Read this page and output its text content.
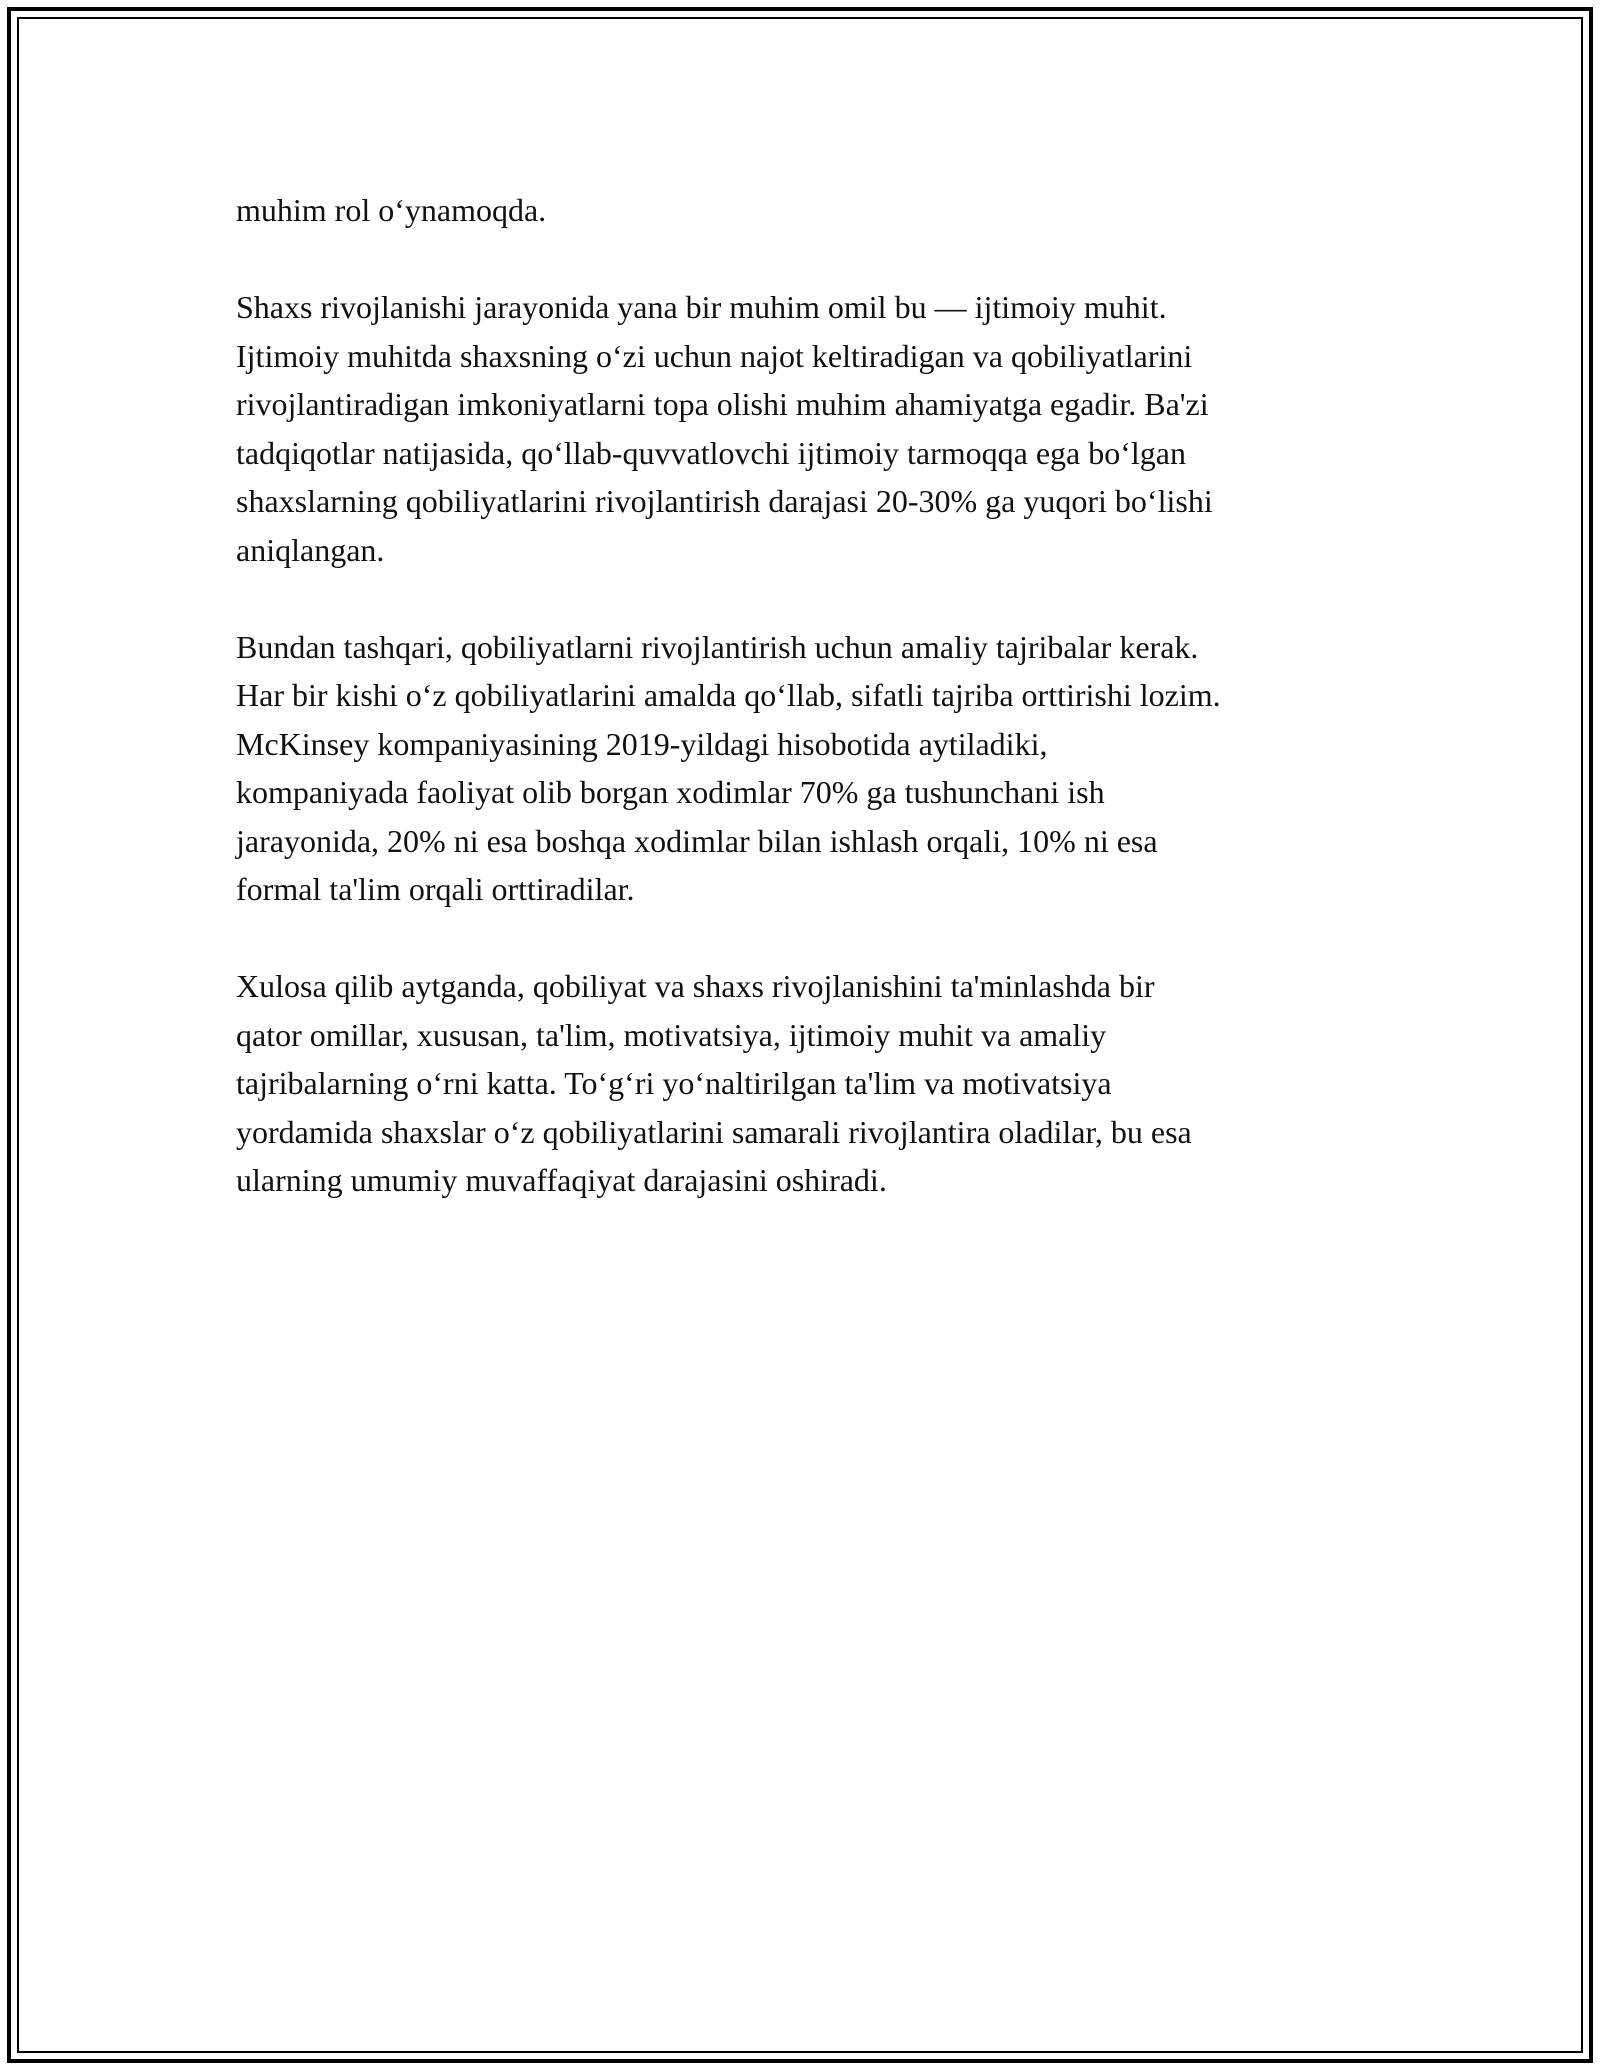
muhim rol o‘ynamoqda.

Shaxs rivojlanishi jarayonida yana bir muhim omil bu — ijtimoiy muhit.
Ijtimoiy muhitda shaxsning o‘zi uchun najot keltiradigan va qobiliyatlarini
rivojlantiradigan imkoniyatlarni topa olishi muhim ahamiyatga egadir. Ba'zi
tadqiqotlar natijasida, qo‘llab-quvvatlovchi ijtimoiy tarmoqqa ega bo‘lgan
shaxslarning qobiliyatlarini rivojlantirish darajasi 20-30% ga yuqori bo‘lishi
aniqlangan.

Bundan tashqari, qobiliyatlarni rivojlantirish uchun amaliy tajribalar kerak.
Har bir kishi o‘z qobiliyatlarini amalda qo‘llab, sifatli tajriba orttirishi lozim.
McKinsey kompaniyasining 2019-yildagi hisobotida aytiladiki,
kompaniyada faoliyat olib borgan xodimlar 70% ga tushunchani ish
jarayonida, 20% ni esa boshqa xodimlar bilan ishlash orqali, 10% ni esa
formal ta'lim orqali orttiradilar.

Xulosa qilib aytganda, qobiliyat va shaxs rivojlanishini ta'minlashda bir
qator omillar, xususan, ta'lim, motivatsiya, ijtimoiy muhit va amaliy
tajribalarning o‘rni katta. To‘g‘ri yo‘naltirilgan ta'lim va motivatsiya
yordamida shaxslar o‘z qobiliyatlarini samarali rivojlantira oladilar, bu esa
ularning umumiy muvaffaqiyat darajasini oshiradi.
